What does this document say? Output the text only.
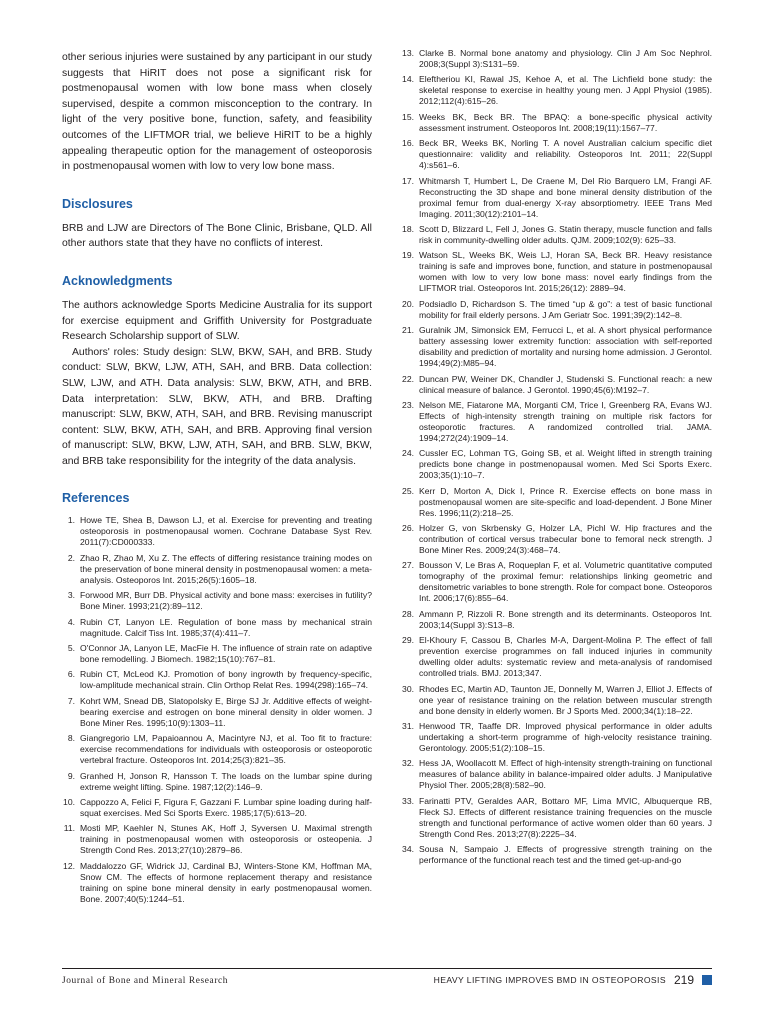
other serious injuries were sustained by any participant in our study suggests that HiRIT does not pose a significant risk for postmenopausal women with low bone mass when closely supervised, despite a common misconception to the contrary. In light of the very positive bone, function, safety, and feasibility outcomes of the LIFTMOR trial, we believe HiRIT to be a highly appealing therapeutic option for the management of osteoporosis in postmenopausal women with low to very low bone mass.

Disclosures

BRB and LJW are Directors of The Bone Clinic, Brisbane, QLD. All other authors state that they have no conflicts of interest.

Acknowledgments

The authors acknowledge Sports Medicine Australia for its support for exercise equipment and Griffith University for Postgraduate Research Scholarship support of SLW.

Authors' roles: Study design: SLW, BKW, SAH, and BRB. Study conduct: SLW, BKW, LJW, ATH, SAH, and BRB. Data collection: SLW, LJW, and ATH. Data analysis: SLW, BKW, ATH, and BRB. Data interpretation: SLW, BKW, ATH, and BRB. Drafting manuscript: SLW, BKW, ATH, SAH, and BRB. Revising manuscript content: SLW, BKW, ATH, SAH, and BRB. Approving final version of manuscript: SLW, BKW, LJW, ATH, SAH, and BRB. SLW, BKW, and BRB take responsibility for the integrity of the data analysis.

References
1. Howe TE, Shea B, Dawson LJ, et al. Exercise for preventing and treating osteoporosis in postmenopausal women. Cochrane Database Syst Rev. 2011(7):CD000333.
2. Zhao R, Zhao M, Xu Z. The effects of differing resistance training modes on the preservation of bone mineral density in postmenopausal women: a meta-analysis. Osteoporos Int. 2015;26(5):1605–18.
3. Forwood MR, Burr DB. Physical activity and bone mass: exercises in futility? Bone Miner. 1993;21(2):89–112.
4. Rubin CT, Lanyon LE. Regulation of bone mass by mechanical strain magnitude. Calcif Tiss Int. 1985;37(4):411–7.
5. O'Connor JA, Lanyon LE, MacFie H. The influence of strain rate on adaptive bone remodelling. J Biomech. 1982;15(10):767–81.
6. Rubin CT, McLeod KJ. Promotion of bony ingrowth by frequency-specific, low-amplitude mechanical strain. Clin Orthop Relat Res. 1994(298):165–74.
7. Kohrt WM, Snead DB, Slatopolsky E, Birge SJ Jr. Additive effects of weight-bearing exercise and estrogen on bone mineral density in older women. J Bone Miner Res. 1995;10(9):1303–11.
8. Giangregorio LM, Papaioannou A, Macintyre NJ, et al. Too fit to fracture: exercise recommendations for individuals with osteoporosis or osteoporotic vertebral fracture. Osteoporos Int. 2014;25(3):821–35.
9. Granhed H, Jonson R, Hansson T. The loads on the lumbar spine during extreme weight lifting. Spine. 1987;12(2):146–9.
10. Cappozzo A, Felici F, Figura F, Gazzani F. Lumbar spine loading during half-squat exercises. Med Sci Sports Exerc. 1985;17(5):613–20.
11. Mosti MP, Kaehler N, Stunes AK, Hoff J, Syversen U. Maximal strength training in postmenopausal women with osteoporosis or osteopenia. J Strength Cond Res. 2013;27(10):2879–86.
12. Maddalozzo GF, Widrick JJ, Cardinal BJ, Winters-Stone KM, Hoffman MA, Snow CM. The effects of hormone replacement therapy and resistance training on spine bone mineral density in early postmenopausal women. Bone. 2007;40(5):1244–51.
13. Clarke B. Normal bone anatomy and physiology. Clin J Am Soc Nephrol. 2008;3(Suppl 3):S131–59.
14. Eleftheriou KI, Rawal JS, Kehoe A, et al. The Lichfield bone study: the skeletal response to exercise in healthy young men. J Appl Physiol (1985). 2012;112(4):615–26.
15. Weeks BK, Beck BR. The BPAQ: a bone-specific physical activity assessment instrument. Osteoporos Int. 2008;19(11):1567–77.
16. Beck BR, Weeks BK, Norling T. A novel Australian calcium specific diet questionnaire: validity and reliability. Osteoporos Int. 2011; 22(Suppl 4):s561–6.
17. Whitmarsh T, Humbert L, De Craene M, Del Rio Barquero LM, Frangi AF. Reconstructing the 3D shape and bone mineral density distribution of the proximal femur from dual-energy X-ray absorptiometry. IEEE Trans Med Imaging. 2011;30(12):2101–14.
18. Scott D, Blizzard L, Fell J, Jones G. Statin therapy, muscle function and falls risk in community-dwelling older adults. QJM. 2009;102(9): 625–33.
19. Watson SL, Weeks BK, Weis LJ, Horan SA, Beck BR. Heavy resistance training is safe and improves bone, function, and stature in postmenopausal women with low to very low bone mass: novel early findings from the LIFTMOR trial. Osteoporos Int. 2015;26(12): 2889–94.
20. Podsiadlo D, Richardson S. The timed “up & go”: a test of basic functional mobility for frail elderly persons. J Am Geriatr Soc. 1991;39(2):142–8.
21. Guralnik JM, Simonsick EM, Ferrucci L, et al. A short physical performance battery assessing lower extremity function: association with self-reported disability and prediction of mortality and nursing home admission. J Gerontol. 1994;49(2):M85–94.
22. Duncan PW, Weiner DK, Chandler J, Studenski S. Functional reach: a new clinical measure of balance. J Gerontol. 1990;45(6):M192–7.
23. Nelson ME, Fiatarone MA, Morganti CM, Trice I, Greenberg RA, Evans WJ. Effects of high-intensity strength training on multiple risk factors for osteoporotic fractures. A randomized controlled trial. JAMA. 1994;272(24):1909–14.
24. Cussler EC, Lohman TG, Going SB, et al. Weight lifted in strength training predicts bone change in postmenopausal women. Med Sci Sports Exerc. 2003;35(1):10–7.
25. Kerr D, Morton A, Dick I, Prince R. Exercise effects on bone mass in postmenopausal women are site-specific and load-dependent. J Bone Miner Res. 1996;11(2):218–25.
26. Holzer G, von Skrbensky G, Holzer LA, Pichl W. Hip fractures and the contribution of cortical versus trabecular bone to femoral neck strength. J Bone Miner Res. 2009;24(3):468–74.
27. Bousson V, Le Bras A, Roqueplan F, et al. Volumetric quantitative computed tomography of the proximal femur: relationships linking geometric and densitometric variables to bone strength. Role for compact bone. Osteoporos Int. 2006;17(6):855–64.
28. Ammann P, Rizzoli R. Bone strength and its determinants. Osteoporos Int. 2003;14(Suppl 3):S13–8.
29. El-Khoury F, Cassou B, Charles M-A, Dargent-Molina P. The effect of fall prevention exercise programmes on fall induced injuries in community dwelling older adults: systematic review and meta-analysis of randomised controlled trials. BMJ. 2013;347.
30. Rhodes EC, Martin AD, Taunton JE, Donnelly M, Warren J, Elliot J. Effects of one year of resistance training on the relation between muscular strength and bone density in elderly women. Br J Sports Med. 2000;34(1):18–22.
31. Henwood TR, Taaffe DR. Improved physical performance in older adults undertaking a short-term programme of high-velocity resistance training. Gerontology. 2005;51(2):108–15.
32. Hess JA, Woollacott M. Effect of high-intensity strength-training on functional measures of balance ability in balance-impaired older adults. J Manipulative Physiol Ther. 2005;28(8):582–90.
33. Farinatti PTV, Geraldes AAR, Bottaro MF, Lima MVIC, Albuquerque RB, Fleck SJ. Effects of different resistance training frequencies on the muscle strength and functional performance of active women older than 60 years. J Strength Cond Res. 2013;27(8):2225–34.
34. Sousa N, Sampaio J. Effects of progressive strength training on the performance of the functional reach test and the timed get-up-and-go
Journal of Bone and Mineral Research	HEAVY LIFTING IMPROVES BMD IN OSTEOPOROSIS 219
